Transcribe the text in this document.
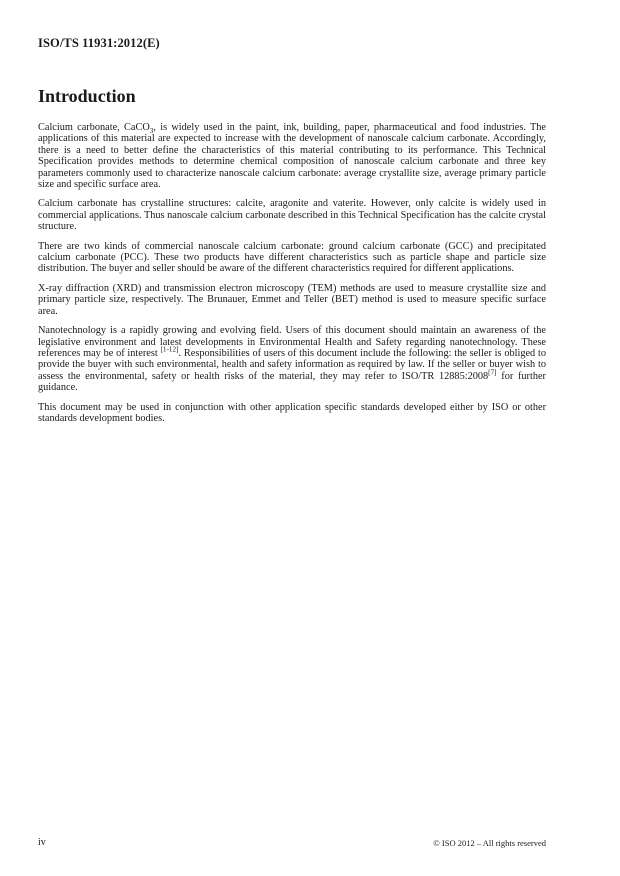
ISO/TS 11931:2012(E)
Introduction

Calcium carbonate, CaCO$_3$, is widely used in the paint, ink, building, paper, pharmaceutical and food industries. The applications of this material are expected to increase with the development of nanoscale calcium carbonate. Accordingly, there is a need to better define the characteristics of this material contributing to its performance. This Technical Specification provides methods to determine chemical composition of nanoscale calcium carbonate and three key parameters commonly used to characterize nanoscale calcium carbonate: average crystallite size, average primary particle size and specific surface area.

Calcium carbonate has crystalline structures: calcite, aragonite and vaterite. However, only calcite is widely used in commercial applications. Thus nanoscale calcium carbonate described in this Technical Specification has the calcite crystal structure.

There are two kinds of commercial nanoscale calcium carbonate: ground calcium carbonate (GCC) and precipitated calcium carbonate (PCC). These two products have different characteristics such as particle shape and particle size distribution. The buyer and seller should be aware of the different characteristics required for different applications.

X-ray diffraction (XRD) and transmission electron microscopy (TEM) methods are used to measure crystallite size and primary particle size, respectively. The Brunauer, Emmet and Teller (BET) method is used to measure specific surface area.

Nanotechnology is a rapidly growing and evolving field. Users of this document should maintain an awareness of the legislative environment and latest developments in Environmental Health and Safety regarding nanotechnology. These references may be of interest [1-12]. Responsibilities of users of this document include the following: the seller is obliged to provide the buyer with such environmental, health and safety information as required by law. If the seller or buyer wish to assess the environmental, safety or health risks of the material, they may refer to ISO/TR 12885:2008[7] for further guidance.

This document may be used in conjunction with other application specific standards developed either by ISO or other standards development bodies.

iv	© ISO 2012 – All rights reserved
